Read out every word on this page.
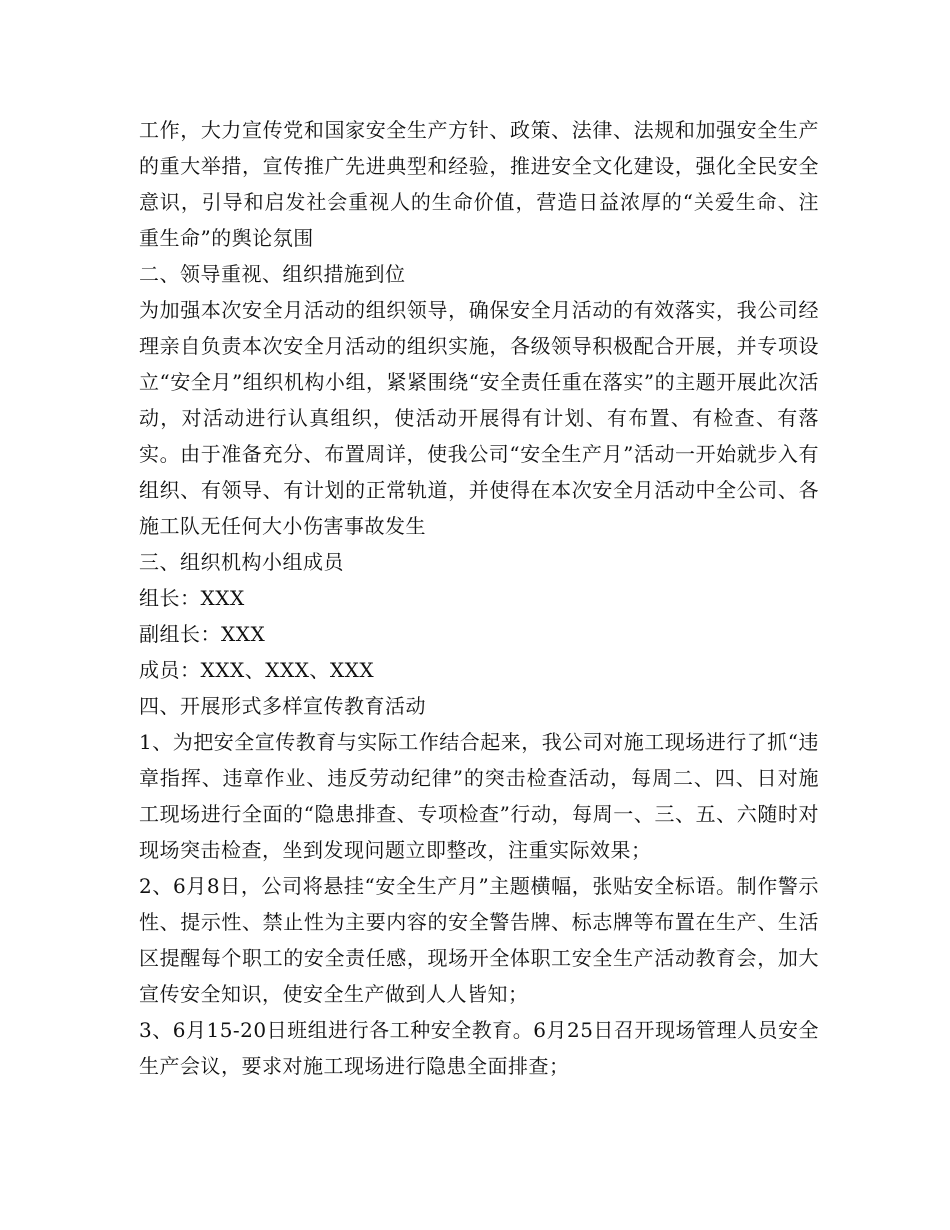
工作，大力宣传党和国家安全生产方针、政策、法律、法规和加强安全生产的重大举措，宣传推广先进典型和经验，推进安全文化建设，强化全民安全意识，引导和启发社会重视人的生命价值，营造日益浓厚的“关爱生命、注重生命”的舆论氛围

二、领导重视、组织措施到位

为加强本次安全月活动的组织领导，确保安全月活动的有效落实，我公司经理亲自负责本次安全月活动的组织实施，各级领导积极配合开展，并专项设立“安全月”组织机构小组，紧紧围绕“安全责任重在落实”的主题开展此次活动，对活动进行认真组织，使活动开展得有计划、有布置、有检查、有落实。由于准备充分、布置周详，使我公司“安全生产月”活动一开始就步入有组织、有领导、有计划的正常轨道，并使得在本次安全月活动中全公司、各施工队无任何大小伤害事故发生

三、组织机构小组成员

组长：XXX

副组长：XXX

成员：XXX、XXX、XXX

四、开展形式多样宣传教育活动

1、为把安全宣传教育与实际工作结合起来，我公司对施工现场进行了抓“违章指挥、违章作业、违反劳动纪律”的突击检查活动，每周二、四、日对施工现场进行全面的“隐患排查、专项检查”行动，每周一、三、五、六随时对现场突击检查，坐到发现问题立即整改，注重实际效果；

2、6月8日，公司将悬挂“安全生产月”主题横幅，张贴安全标语。制作警示性、提示性、禁止性为主要内容的安全警告牌、标志牌等布置在生产、生活区提醒每个职工的安全责任感，现场开全体职工安全生产活动教育会，加大宣传安全知识，使安全生产做到人人皆知；

3、6月15-20日班组进行各工种安全教育。6月25日召开现场管理人员安全生产会议，要求对施工现场进行隐患全面排查；
